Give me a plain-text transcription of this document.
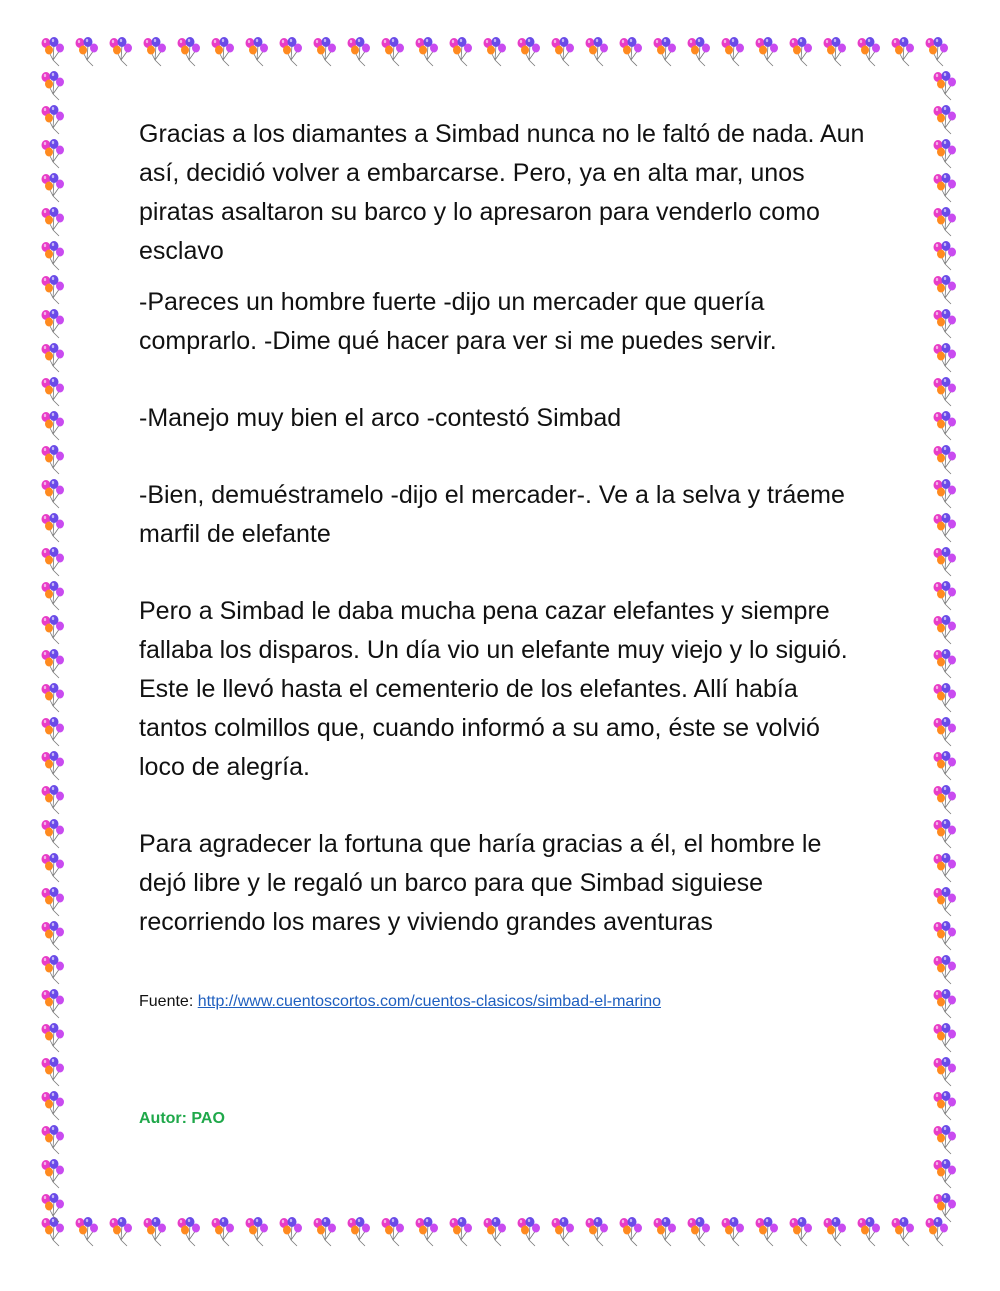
Gracias a los diamantes a Simbad nunca no le faltó de nada. Aun así, decidió volver a embarcarse. Pero, ya en alta mar, unos piratas asaltaron su barco y lo apresaron para venderlo como esclavo

-Pareces un hombre fuerte -dijo un mercader que quería comprarlo. -Dime qué hacer para ver si me puedes servir.

-Manejo muy bien el arco -contestó Simbad

-Bien, demuéstramelo -dijo el mercader-. Ve a la selva y tráeme marfil de elefante

Pero a Simbad le daba mucha pena cazar elefantes y siempre fallaba los disparos. Un día vio un elefante muy viejo y lo siguió. Este le llevó hasta el cementerio de los elefantes. Allí había tantos colmillos que, cuando informó a su amo, éste se volvió loco de alegría.

Para agradecer la fortuna que haría gracias a él, el hombre le dejó libre y le regaló un barco para que Simbad siguiese recorriendo los mares y viviendo grandes aventuras

Fuente: http://www.cuentoscortos.com/cuentos-clasicos/simbad-el-marino
Autor: PAO
